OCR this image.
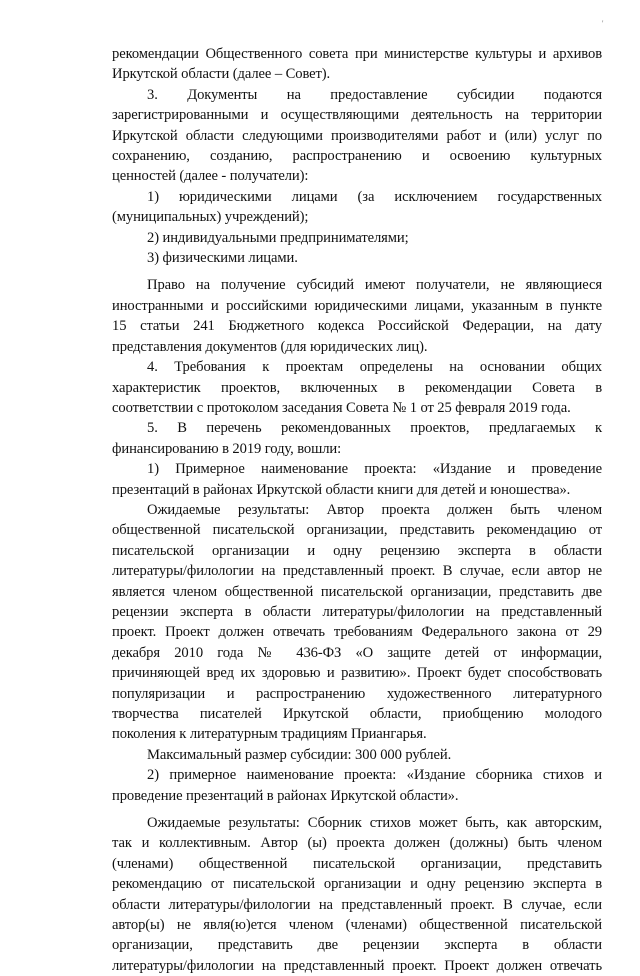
'

рекомендации Общественного совета при министерстве культуры и архивов

Иркутской области (далее – Совет).

3. Документы на предоставление субсидии подаются

зарегистрированными и осуществляющими деятельность на территории

Иркутской области следующими производителями работ и (или) услуг по

сохранению, созданию, распространению и освоению культурных

ценностей (далее - получатели):

1) юридическими лицами (за исключением государственных

(муниципальных) учреждений);

2) индивидуальными предпринимателями;

3) физическими лицами.

Право на получение субсидий имеют получатели, не являющиеся

иностранными и российскими юридическими лицами, указанным в пункте

15 статьи 241 Бюджетного кодекса Российской Федерации, на дату

представления документов (для юридических лиц).

4. Требования к проектам определены на основании общих

характеристик проектов, включенных в рекомендации Совета в

соответствии с протоколом заседания Совета № 1 от 25 февраля 2019 года.

5. В перечень рекомендованных проектов, предлагаемых к

финансированию в 2019 году, вошли:

1) Примерное наименование проекта: «Издание и проведение

презентаций в районах Иркутской области книги для детей и юношества».

Ожидаемые результаты: Автор проекта должен быть членом

общественной писательской организации, представить рекомендацию от

писательской организации и одну рецензию эксперта в области

литературы/филологии на представленный проект. В случае, если автор не

является членом общественной писательской организации, представить две

рецензии эксперта в области литературы/филологии на представленный

проект. Проект должен отвечать требованиям Федерального закона от 29

декабря 2010 года № 436-ФЗ «О защите детей от информации,

причиняющей вред их здоровью и развитию». Проект будет способствовать

популяризации и распространению художественного литературного

творчества писателей Иркутской области, приобщению молодого

поколения к литературным традициям Приангарья.

Максимальный размер субсидии: 300 000 рублей.

2) примерное наименование проекта: «Издание сборника стихов и

проведение презентаций в районах Иркутской области».

Ожидаемые результаты: Сборник стихов может быть, как авторским,

так и коллективным. Автор (ы) проекта должен (должны) быть членом

(членами) общественной писательской организации, представить

рекомендацию от писательской организации и одну рецензию эксперта в

области литературы/филологии на представленный проект. В случае, если

автор(ы) не явля(ю)ется членом (членами) общественной писательской

организации, представить две рецензии эксперта в области

литературы/филологии на представленный проект. Проект должен отвечать
